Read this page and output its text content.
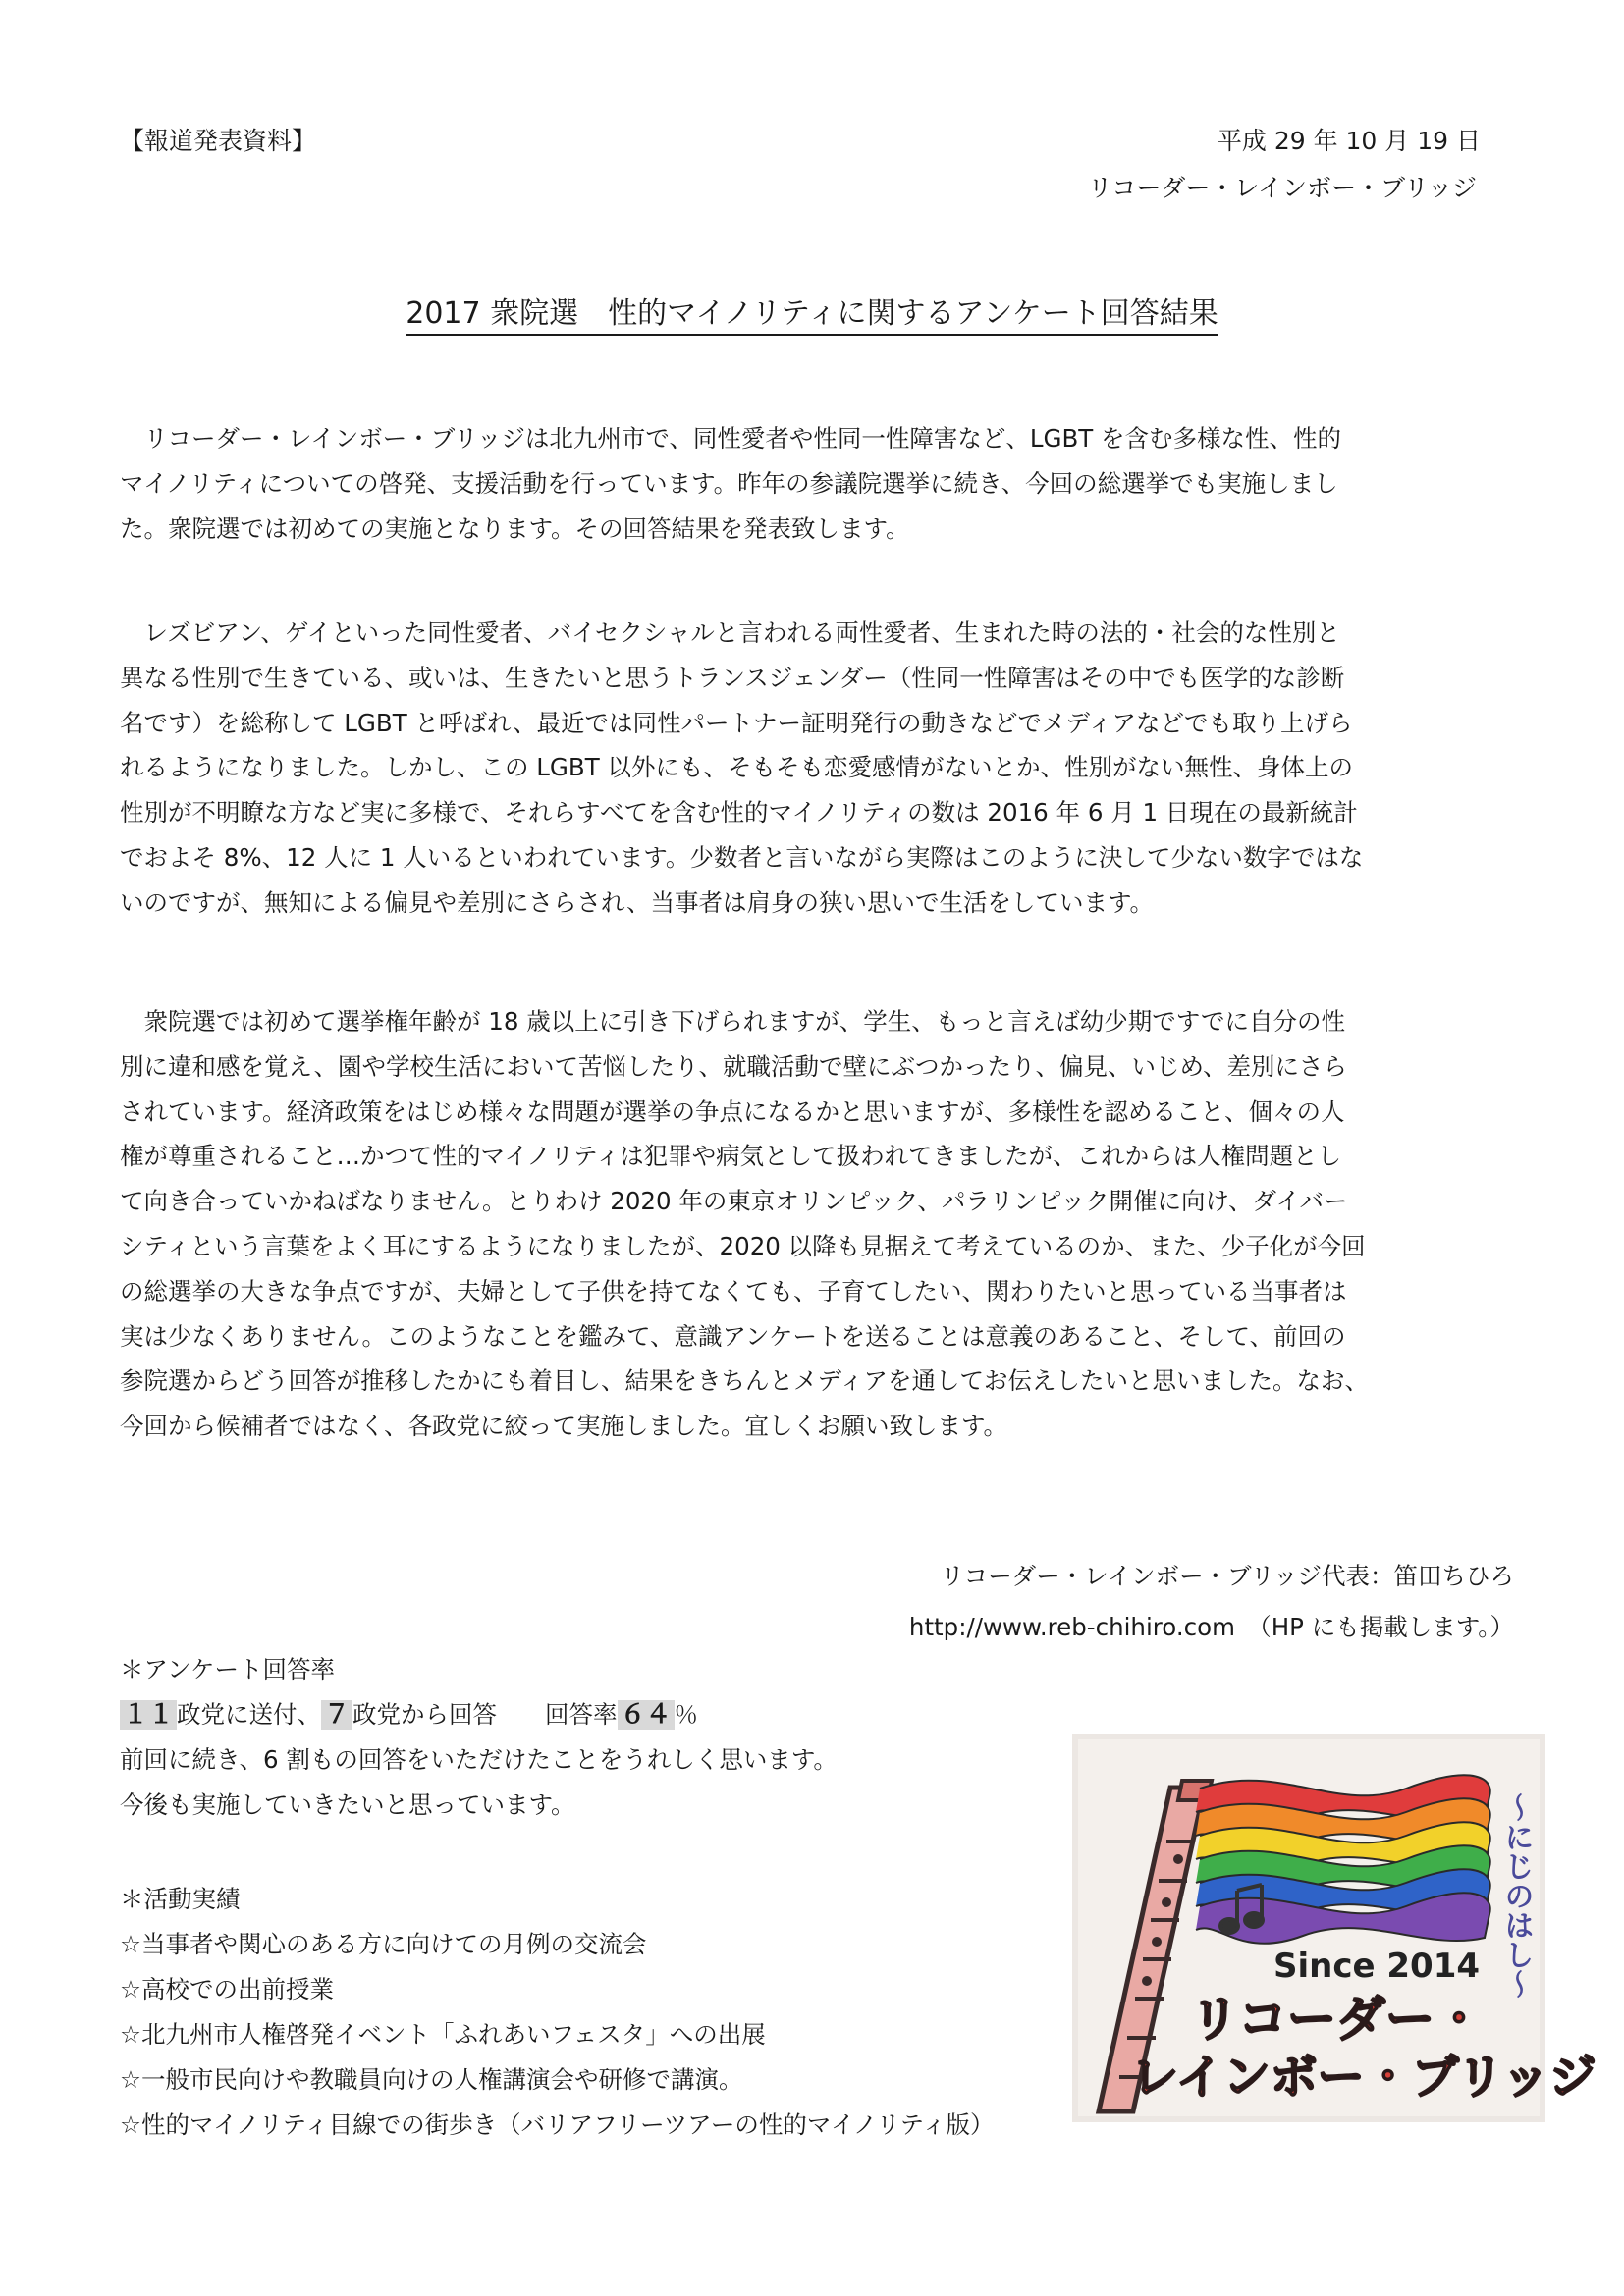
【報道発表資料】	平成 29 年 10 月 19 日
リコーダー・レインボー・ブリッジ
2017 衆院選　性的マイノリティに関するアンケート回答結果
　リコーダー・レインボー・ブリッジは北九州市で、同性愛者や性同一性障害など、LGBT を含む多様な性、性的
マイノリティについての啓発、支援活動を行っています。昨年の参議院選挙に続き、今回の総選挙でも実施しまし
た。衆院選では初めての実施となります。その回答結果を発表致します。
　レズビアン、ゲイといった同性愛者、バイセクシャルと言われる両性愛者、生まれた時の法的・社会的な性別と
異なる性別で生きている、或いは、生きたいと思うトランスジェンダー（性同一性障害はその中でも医学的な診断
名です）を総称して LGBT と呼ばれ、最近では同性パートナー証明発行の動きなどでメディアなどでも取り上げら
れるようになりました。しかし、この LGBT 以外にも、そもそも恋愛感情がないとか、性別がない無性、身体上の
性別が不明瞭な方など実に多様で、それらすべてを含む性的マイノリティの数は 2016 年 6 月 1 日現在の最新統計
でおよそ 8%、12 人に 1 人いるといわれています。少数者と言いながら実際はこのように決して少ない数字ではな
いのですが、無知による偏見や差別にさらされ、当事者は肩身の狭い思いで生活をしています。
　衆院選では初めて選挙権年齢が 18 歳以上に引き下げられますが、学生、もっと言えば幼少期ですでに自分の性
別に違和感を覚え、園や学校生活において苦悩したり、就職活動で壁にぶつかったり、偏見、いじめ、差別にさら
されています。経済政策をはじめ様々な問題が選挙の争点になるかと思いますが、多様性を認めること、個々の人
権が尊重されること…かつて性的マイノリティは犯罪や病気として扱われてきましたが、これからは人権問題とし
て向き合っていかねばなりません。とりわけ 2020 年の東京オリンピック、パラリンピック開催に向け、ダイバー
シティという言葉をよく耳にするようになりましたが、2020 以降も見据えて考えているのか、また、少子化が今回
の総選挙の大きな争点ですが、夫婦として子供を持てなくても、子育てしたい、関わりたいと思っている当事者は
実は少なくありません。このようなことを鑑みて、意識アンケートを送ることは意義のあること、そして、前回の
参院選からどう回答が推移したかにも着目し、結果をきちんとメディアを通してお伝えしたいと思いました。なお、
今回から候補者ではなく、各政党に絞って実施しました。宜しくお願い致します。
リコーダー・レインボー・ブリッジ代表：笛田ちひろ
http://www.reb-chihiro.com　（HP にも掲載します。）
＊アンケート回答率
１１ 政党に送付、 ７ 政党から回答　　回答率 ６４ ％
前回に続き、6 割もの回答をいただけたことをうれしく思います。
今後も実施していきたいと思っています。
＊活動実績
☆当事者や関心のある方に向けての月例の交流会
☆高校での出前授業
☆北九州市人権啓発イベント「ふれあいフェスタ」への出展
☆一般市民向けや教職員向けの人権講演会や研修で講演。
☆性的マイノリティ目線での街歩き（バリアフリーツアーの性的マイノリティ版）
Since 2014
リコーダー・
レインボー・ブリッジ
～にじのはし～
